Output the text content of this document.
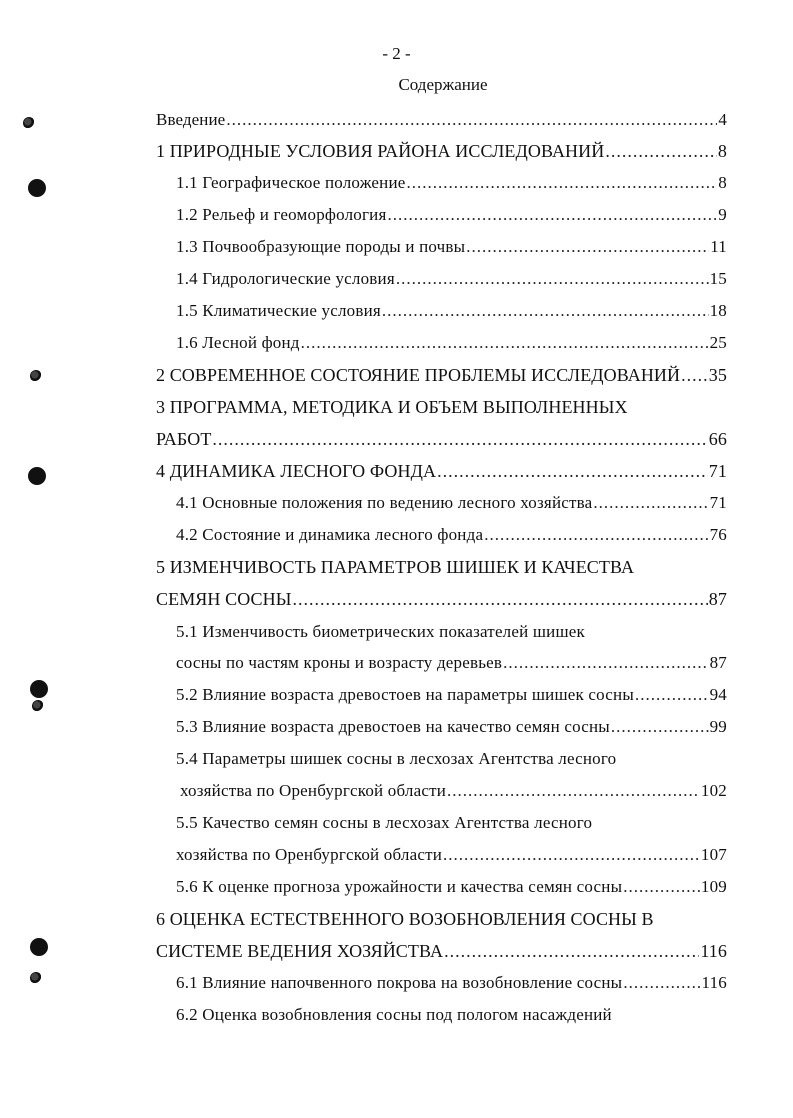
- 2 -
Содержание
Введение .....	4
1 ПРИРОДНЫЕ УСЛОВИЯ РАЙОНА ИССЛЕДОВАНИЙ .....	8
1.1 Географическое положение .....	8
1.2 Рельеф и геоморфология .....	9
1.3 Почвообразующие породы и почвы .....	11
1.4 Гидрологические условия .....	15
1.5 Климатические условия .....	18
1.6 Лесной фонд .....	25
2 СОВРЕМЕННОЕ СОСТОЯНИЕ ПРОБЛЕМЫ ИССЛЕДОВАНИЙ ..... 35
3 ПРОГРАММА, МЕТОДИКА И ОБЪЕМ ВЫПОЛНЕННЫХ
РАБОТ .....	66
4 ДИНАМИКА ЛЕСНОГО ФОНДА .....	71
4.1 Основные положения по ведению лесного хозяйства .....	71
4.2 Состояние и динамика лесного фонда .....	76
5 ИЗМЕНЧИВОСТЬ ПАРАМЕТРОВ ШИШЕК И КАЧЕСТВА
СЕМЯН СОСНЫ .....	87
5.1 Изменчивость биометрических показателей шишек
сосны по частям кроны и возрасту деревьев .....	87
5.2 Влияние возраста древостоев на параметры шишек сосны .....	94
5.3 Влияние возраста древостоев на качество семян сосны .....	99
5.4 Параметры шишек сосны в лесхозах Агентства лесного
хозяйства по Оренбургской области .....	102
5.5 Качество семян сосны в лесхозах Агентства лесного
хозяйства по Оренбургской области .....	107
5.6 К оценке прогноза урожайности и качества семян сосны .....	109
6 ОЦЕНКА ЕСТЕСТВЕННОГО ВОЗОБНОВЛЕНИЯ СОСНЫ В
СИСТЕМЕ ВЕДЕНИЯ ХОЗЯЙСТВА .....	116
6.1 Влияние напочвенного покрова на возобновление сосны .....	116
6.2 Оценка возобновления сосны под пологом насаждений
